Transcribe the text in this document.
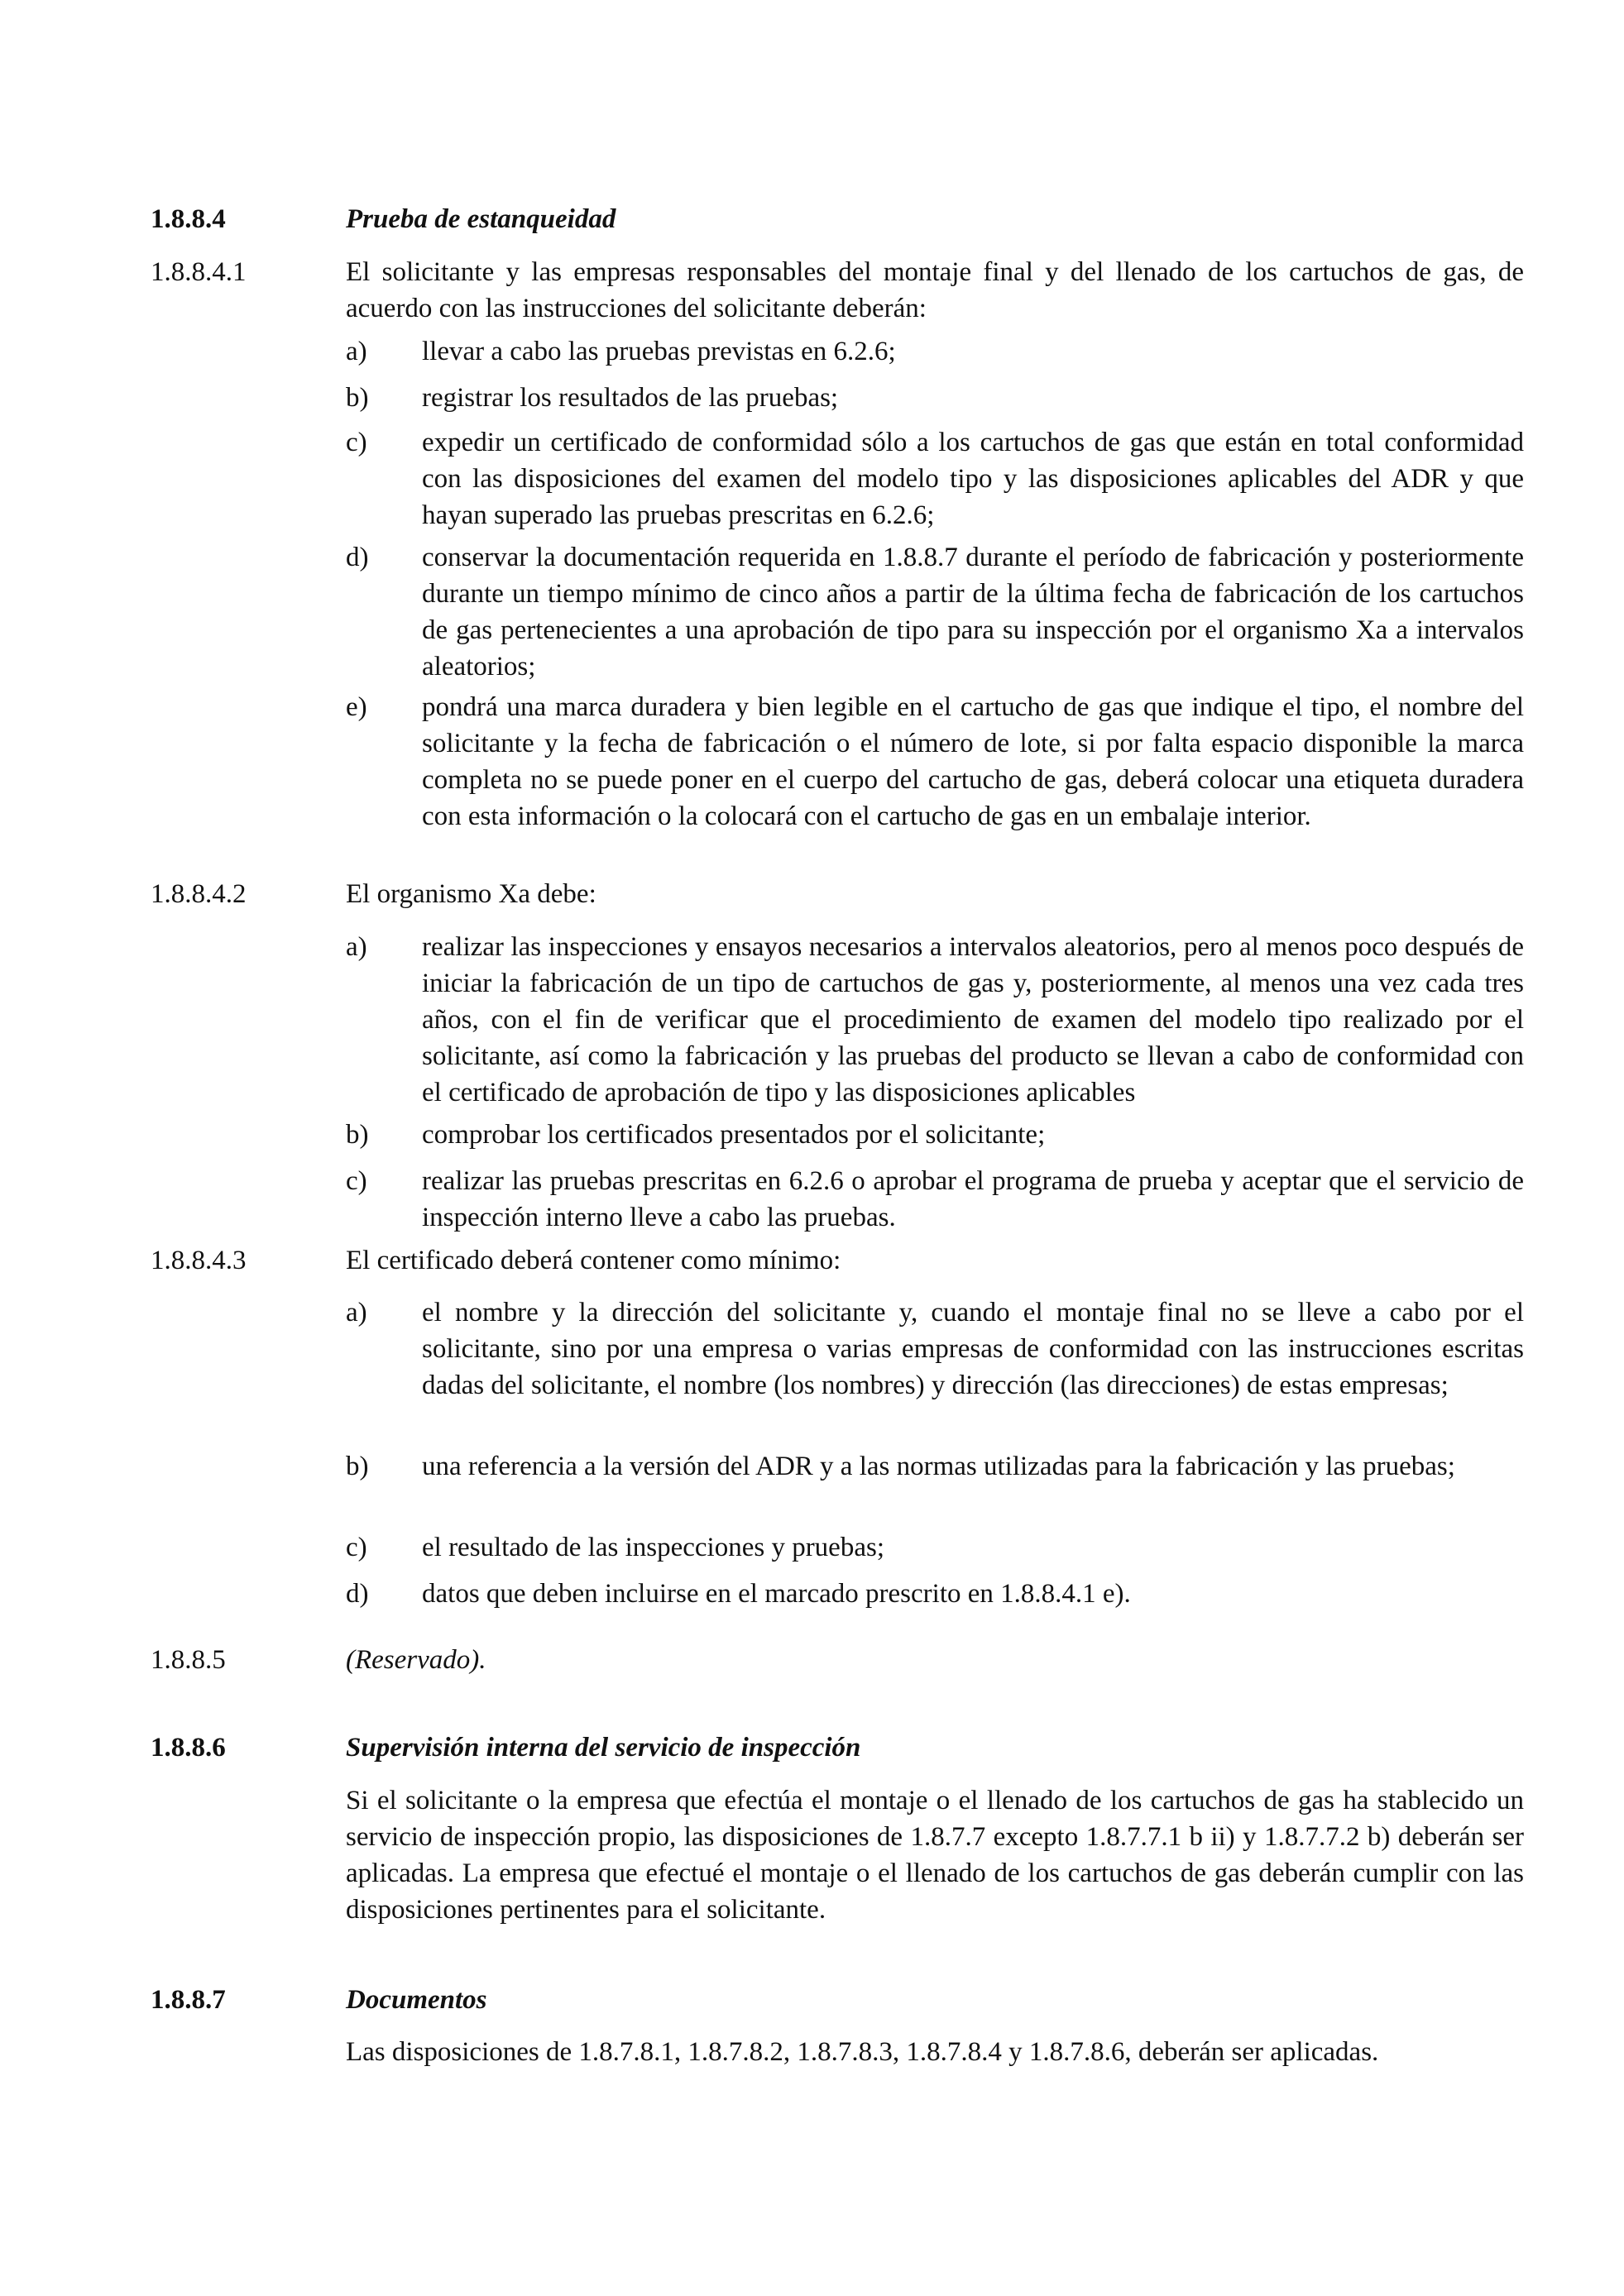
1.8.8.4	Prueba de estanqueidad
1.8.8.4.1	El solicitante y las empresas responsables del montaje final y del llenado de los cartuchos de gas, de acuerdo con las instrucciones del solicitante deberán:
a) llevar a cabo las pruebas previstas en 6.2.6;
b) registrar los resultados de las pruebas;
c) expedir un certificado de conformidad sólo a los cartuchos de gas que están en total conformidad con las disposiciones del examen del modelo tipo y las disposiciones aplicables del ADR y que hayan superado las pruebas prescritas en 6.2.6;
d) conservar la documentación requerida en 1.8.8.7 durante el período de fabricación y posteriormente durante un tiempo mínimo de cinco años a partir de la última fecha de fabricación de los cartuchos de gas pertenecientes a una aprobación de tipo para su inspección por el organismo Xa a intervalos aleatorios;
e) pondrá una marca duradera y bien legible en el cartucho de gas que indique el tipo, el nombre del solicitante y la fecha de fabricación o el número de lote, si por falta espacio disponible la marca completa no se puede poner en el cuerpo del cartucho de gas, deberá colocar una etiqueta duradera con esta información o la colocará con el cartucho de gas en un embalaje interior.
1.8.8.4.2	El organismo Xa debe:
a) realizar las inspecciones y ensayos necesarios a intervalos aleatorios, pero al menos poco después de iniciar la fabricación de un tipo de cartuchos de gas y, posteriormente, al menos una vez cada tres años, con el fin de verificar que el procedimiento de examen del modelo tipo realizado por el solicitante, así como la fabricación y las pruebas del producto se llevan a cabo de conformidad con el certificado de aprobación de tipo y las disposiciones aplicables
b) comprobar los certificados presentados por el solicitante;
c) realizar las pruebas prescritas en 6.2.6 o aprobar el programa de prueba y aceptar que el servicio de inspección interno lleve a cabo las pruebas.
1.8.8.4.3	El certificado deberá contener como mínimo:
a) el nombre y la dirección del solicitante y, cuando el montaje final no se lleve a cabo por el solicitante, sino por una empresa o varias empresas de conformidad con las instrucciones escritas dadas del solicitante, el nombre (los nombres) y dirección (las direcciones) de estas empresas;
b) una referencia a la versión del ADR y a las normas utilizadas para la fabricación y las pruebas;
c) el resultado de las inspecciones y pruebas;
d) datos que deben incluirse en el marcado prescrito en 1.8.8.4.1 e).
1.8.8.5	(Reservado).
1.8.8.6	Supervisión interna del servicio de inspección
Si el solicitante o la empresa que efectúa el montaje o el llenado de los cartuchos de gas ha stablecido un servicio de inspección propio, las disposiciones de 1.8.7.7 excepto 1.8.7.7.1 b ii) y 1.8.7.7.2 b) deberán ser aplicadas. La empresa que efectué el montaje o el llenado de los cartuchos de gas deberán cumplir con las disposiciones pertinentes para el solicitante.
1.8.8.7	Documentos
Las disposiciones de 1.8.7.8.1, 1.8.7.8.2, 1.8.7.8.3, 1.8.7.8.4 y 1.8.7.8.6, deberán ser aplicadas.
